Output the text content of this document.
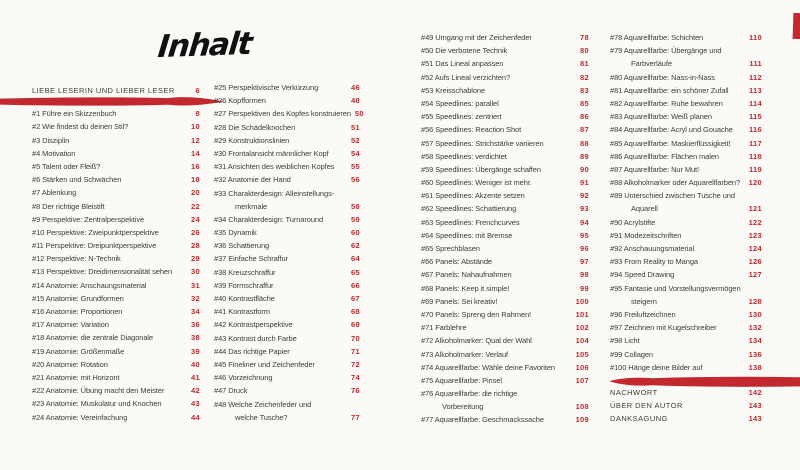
Inhalt
LIEBE LESERIN UND LIEBER LESER	6
#1 Führe ein Skizzenbuch	8
#2 Wie findest du deinen Stil?	10
#3 Disziplin	12
#4 Motivation	14
#5 Talent oder Fleiß?	16
#6 Stärken und Schwächen	18
#7 Ablenkung	20
#8 Der richtige Bleistift	22
#9 Perspektive: Zentralperspektive	24
#10 Perspektive: Zweipunktperspektive	26
#11 Perspektive: Dreipunktperspektive	28
#12 Perspektive: N-Technik	29
#13 Perspektive: Dreidimensionalität sehen	30
#14 Anatomie: Anschaungsmaterial	31
#15 Anatomie: Grundformen	32
#16 Anatomie: Proportionen	34
#17 Anatomie: Variation	36
#18 Anatomie: die zentrale Diagonale	38
#19 Anatomie: Größenmaße	39
#20 Anatomie: Rotation	40
#21 Anatomie: mit Horizont	41
#22 Anatomie: Übung macht den Meister	42
#23 Anatomie: Muskulatur und Knochen	43
#24 Anatomie: Vereinfachung	44
#25 Perspektivische Verkürzung	46
#26 Kopfformen	48
#27 Perspektiven des Kopfes konstruieren 50
#28 Die Schädelknochen	51
#29 Konstruktionslinien	52
#30 Frontalansicht männlicher Kopf	54
#31 Ansichten des weiblichen Kopfes 55
#32 Anatomie der Hand	56
#33 Charakterdesign: Alleinstellungs-
merkmale	58
#34 Charakterdesign: Turnaround	59
#35 Dynamik	60
#36 Schattierung	62
#37 Einfache Schraffur	64
#38 Kreuzschraffur	65
#39 Formschraffur	66
#40 Kontrastfläche	67
#41 Kontrastform	68
#42 Kontrastperspektive	69
#43 Kontrast durch Farbe	70
#44 Das richtige Papier	71
#45 Fineliner und Zeichenfeder	72
#46 Vorzeichnung	74
#47 Druck	76
#48 Welche Zeichenfeder und
welche Tusche?	77
#49 Umgang mit der Zeichenfeder	78
#50 Die verbotene Technik	80
#51 Das Lineal anpassen	81
#52 Aufs Lineal verzichten?	82
#53 Kreisschablone	83
#54 Speedlines: parallel	85
#55 Speedlines: zentriert	86
#56 Speedlines: Reaction Shot	87
#57 Speedlines: Strichstärke variieren	88
#58 Speedlines: verdichtet	89
#59 Speedlines: Übergänge schaffen	90
#60 Speedlines: Weniger ist mehr.	91
#61 Speedlines: Akzente setzen	92
#62 Speedlines: Schattierung	93
#63 Speedlines: Frenchcurves	94
#64 Speedlines: mit Bremse	95
#65 Sprechblasen	96
#66 Panels: Abstände	97
#67 Panels: Nahaufnahmen	98
#68 Panels: Keep it simple!	99
#69 Panels: Sei kreativ!	100
#70 Panels: Spreng den Rahmen!	101
#71 Farblehre	102
#72 Alkoholmarker: Qual der Wahl	104
#73 Alkoholmarker: Verlauf	105
#74 Aquarellfarbe: Wähle deine Favoriten	106
#75 Aquarellfarbe: Pinsel	107
#76 Aquarellfarbe: die richtige
Vorbereitung	108
#77 Aquarellfarbe: Geschmackssache	109
#78 Aquarellfarbe: Schichten	110
#79 Aquarellfarbe: Übergänge und
Farbverläufe	111
#80 Aquarellfarbe: Nass-in-Nass	112
#81 Aquarellfarbe: ein schöner Zufall	113
#82 Aquarellfarbe: Ruhe bewahren	114
#83 Aquarellfarbe: Weiß planen	115
#84 Aquarellfarbe: Acryl und Gouache 116
#85 Aquarellfarbe: Maskierflüssigkeit! 117
#86 Aquarellfarbe: Flächen malen	118
#87 Aquarellfarbe: Nur Mut!	119
#88 Alkoholmarker oder Aquarellfarben? 120
#89 Unterschied zwischen Tusche und
Aquarell	121
#90 Acrylstifte	122
#91 Modezeitschriften	123
#92 Anschauungsmaterial	124
#93 From Reality to Manga	126
#94 Speed Drawing	127
#95 Fantasie und Vorstellungsvermögen
steigern	128
#96 Freiluftzeichnen	130
#97 Zeichnen mit Kugelschreiber	132
#98 Licht	134
#99 Collagen	136
#100 Hänge deine Bilder auf	138
NACHWORT	142
ÜBER DEN AUTOR	143
DANKSAGUNG	143
